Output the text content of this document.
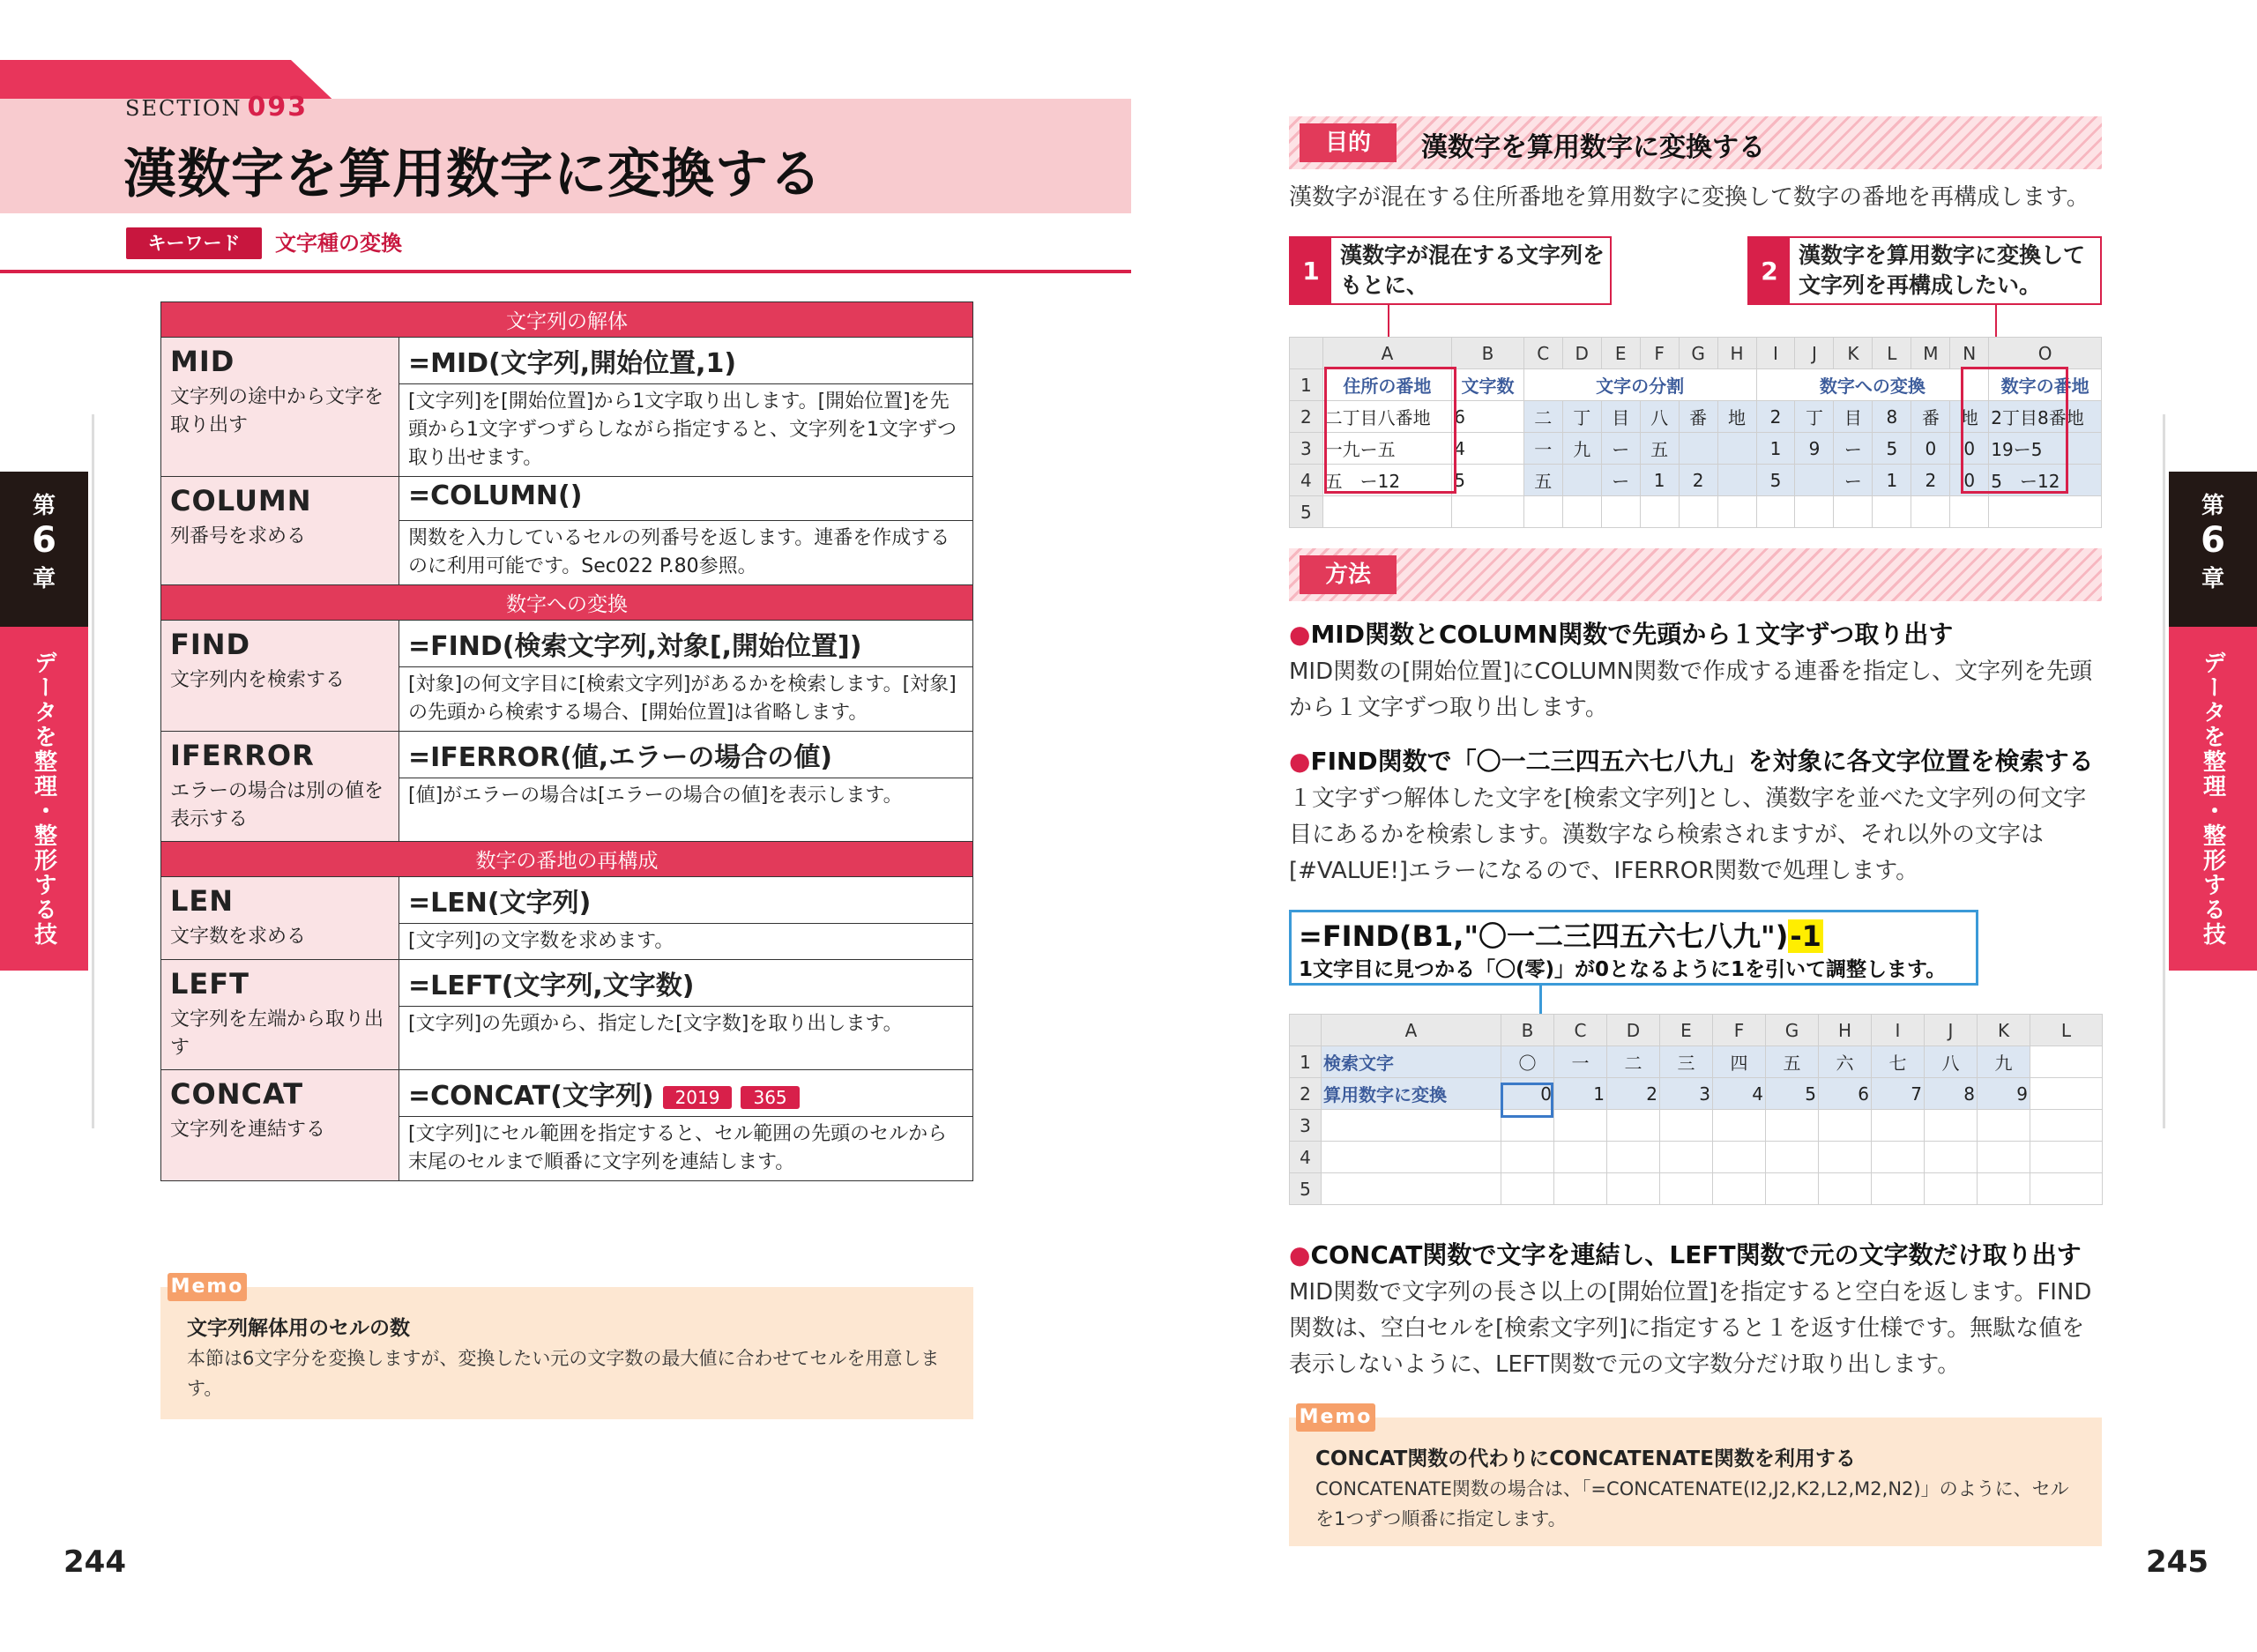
SECTION 093
漢数字を算用数字に変換する
キーワード	文字種の変換
文字列の解体	

MID
文字列の途中から文字を取り出す	=MID(文字列,開始位置,1)
	[文字列]を[開始位置]から1文字取り出します。[開始位置]を先頭から1文字ずつずらしながら指定すると、文字列を1文字ずつ取り出せます。

COLUMN
列番号を求める	=COLUMN()
	関数を入力しているセルの列番号を返します。連番を作成するのに利用可能です。Sec022 P.80参照。
数字への変換	

FIND
文字列内を検索する	=FIND(検索文字列,対象[,開始位置])
	[対象]の何文字目に[検索文字列]があるかを検索します。[対象]の先頭から検索する場合、[開始位置]は省略します。

IFERROR
エラーの場合は別の値を表示する	=IFERROR(値,エラーの場合の値)
	[値]がエラーの場合は[エラーの場合の値]を表示します。
数字の番地の再構成	

LEN
文字数を求める	=LEN(文字列)
	[文字列]の文字数を求めます。

LEFT
文字列を左端から取り出す	=LEFT(文字列,文字数)
	[文字列]の先頭から、指定した[文字数]を取り出します。

CONCAT
文字列を連結する	=CONCAT(文字列) 2019 365
	[文字列]にセル範囲を指定すると、セル範囲の先頭のセルから末尾のセルまで順番に文字列を連結します。
Memo
文字列解体用のセルの数
本節は6文字分を変換しますが、変換したい元の文字数の最大値に合わせてセルを用意します。
244
第
6
章
データを整理・整形する技
目的	漢数字を算用数字に変換する
漢数字が混在する住所番地を算用数字に変換して数字の番地を再構成します。
1
漢数字が混在する文字列を
もとに、	2
漢数字を算用数字に変換して
文字列を再構成したい。
	A	B	C	D	E	F	G	H	I	J	K	L	M	N	O
1	住所の番地	文字数	文字の分割						数字への変換						数字の番地
2	二丁目八番地	6	二	丁	目	八	番	地	2	丁	目	8	番	地	2丁目8番地
3	一九ー五	4	一	九	ー	五			1	9	ー	5	0	0	19ー5
4	五　ー12	5	五		ー	1	2		5		ー	1	2	0	5　ー12
5															
方法
●MID関数とCOLUMN関数で先頭から１文字ずつ取り出す
MID関数の[開始位置]にCOLUMN関数で作成する連番を指定し、文字列を先頭から１文字ずつ取り出します。
●FIND関数で「〇一二三四五六七八九」を対象に各文字位置を検索する
１文字ずつ解体した文字を[検索文字列]とし、漢数字を並べた文字列の何文字目にあるかを検索します。漢数字なら検索されますが、それ以外の文字は[#VALUE!]エラーになるので、IFERROR関数で処理します。
=FIND(B1,"〇一二三四五六七八九")-1
1文字目に見つかる「〇(零)」が0となるように1を引いて調整します。
	A	B	C	D	E	F	G	H	I	J	K	L
1	検索文字	〇	一	二	三	四	五	六	七	八	九	
2	算用数字に変換	0	1	2	3	4	5	6	7	8	9	
3												
4												
5												
●CONCAT関数で文字を連結し、LEFT関数で元の文字数だけ取り出す
MID関数で文字列の長さ以上の[開始位置]を指定すると空白を返します。FIND関数は、空白セルを[検索文字列]に指定すると１を返す仕様です。無駄な値を表示しないように、LEFT関数で元の文字数分だけ取り出します。
Memo
CONCAT関数の代わりにCONCATENATE関数を利用する
CONCATENATE関数の場合は、「=CONCATENATE(I2,J2,K2,L2,M2,N2)」のように、セルを1つずつ順番に指定します。
245
第
6
章
データを整理・整形する技
